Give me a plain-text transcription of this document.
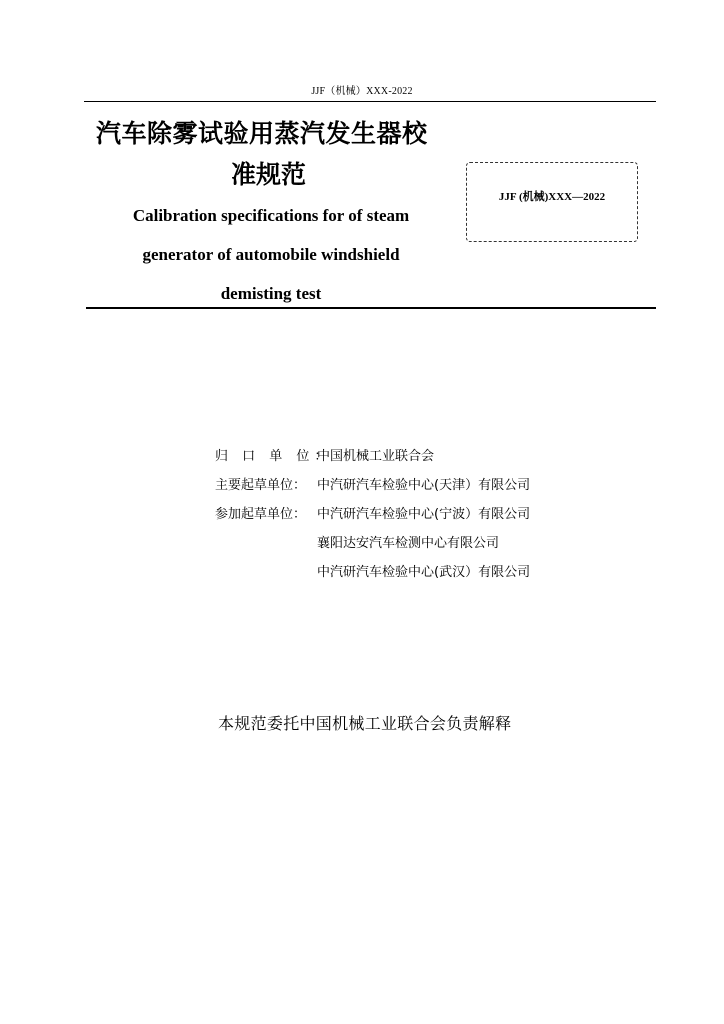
JJF（机械）XXX-2022
汽车除雾试验用蒸汽发生器校
准规范
Calibration specifications for of steam
generator of automobile windshield
demisting test
JJF (机械)XXX—2022
归 口 单 位：
中国机械工业联合会
主要起草单位： 中汽研汽车检验中心(天津）有限公司
参加起草单位： 中汽研汽车检验中心(宁波）有限公司
襄阳达安汽车检测中心有限公司
中汽研汽车检验中心(武汉）有限公司
本规范委托中国机械工业联合会负责解释
